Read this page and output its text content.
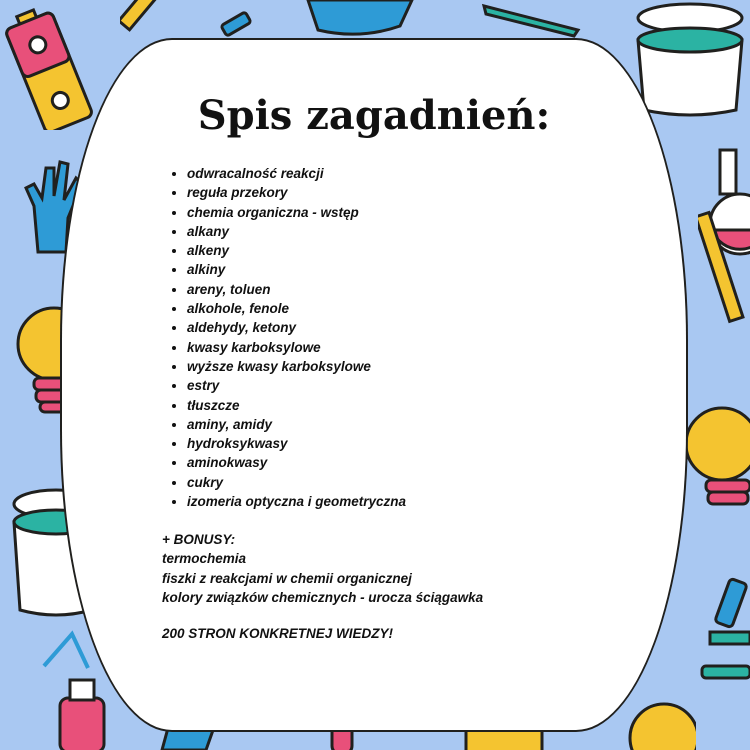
Spis zagadnień:
• odwracalność reakcji
• reguła przekory
• chemia organiczna - wstęp
• alkany
• alkeny
• alkiny
• areny, toluen
• alkohole, fenole
• aldehydy, ketony
• kwasy karboksylowe
• wyższe kwasy karboksylowe
• estry
• tłuszcze
• aminy, amidy
• hydroksykwasy
• aminokwasy
• cukry
• izomeria optyczna i geometryczna
+ BONUSY:
termochemia
fiszki z reakcjami w chemii organicznej
kolory związków chemicznych - urocza ściągawka
200 STRON KONKRETNEJ WIEDZY!
